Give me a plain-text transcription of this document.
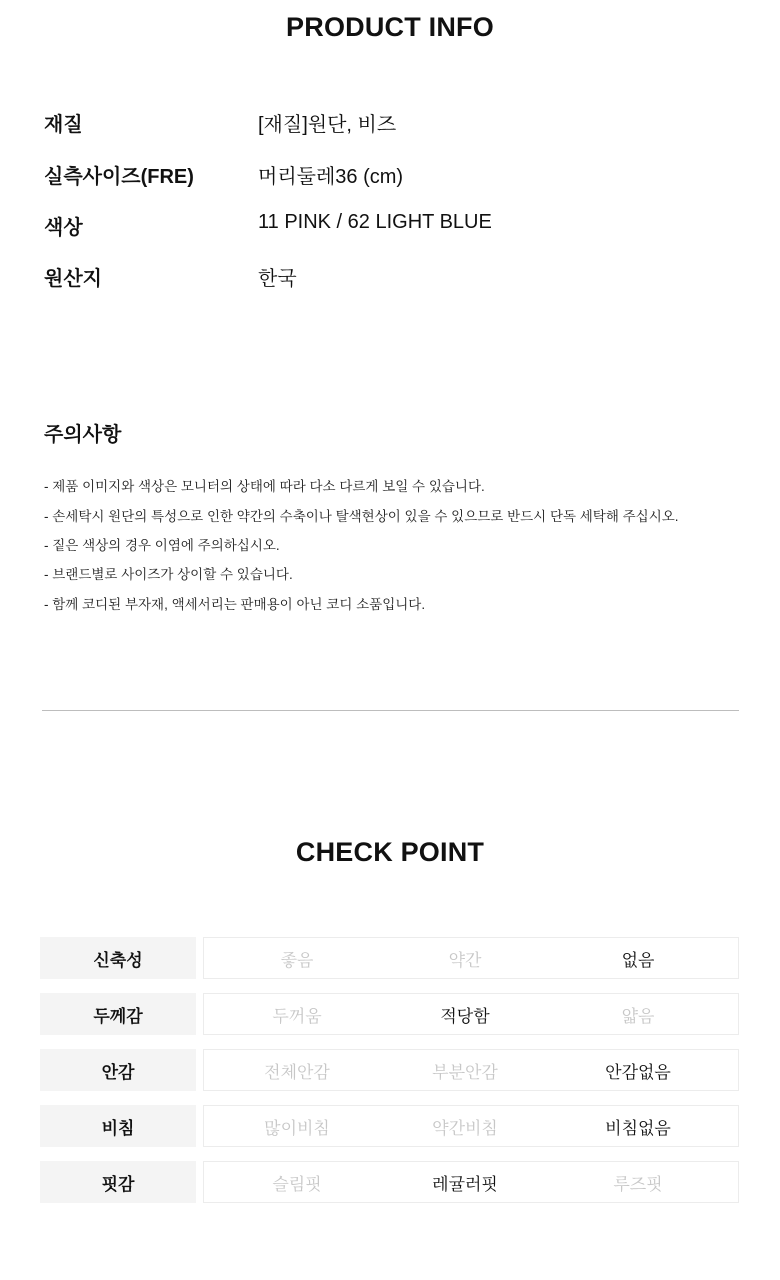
PRODUCT INFO
재질	[재질]원단, 비즈
실측사이즈(FRE)	머리둘레36 (cm)
색상	11 PINK / 62 LIGHT BLUE
원산지	한국
주의사항
- 제품 이미지와 색상은 모니터의 상태에 따라 다소 다르게 보일 수 있습니다.
- 손세탁시 원단의 특성으로 인한 약간의 수축이나 탈색현상이 있을 수 있으므로 반드시 단독 세탁해 주십시오.
- 짙은 색상의 경우 이염에 주의하십시오.
- 브랜드별로 사이즈가 상이할 수 있습니다.
- 함께 코디된 부자재, 액세서리는 판매용이 아닌 코디 소품입니다.
CHECK POINT
신축성	좋음	약간	없음
두께감	두꺼움	적당함	얇음
안감	전체안감	부분안감	안감없음
비침	많이비침	약간비침	비침없음
핏감	슬림핏	레귤러핏	루즈핏
